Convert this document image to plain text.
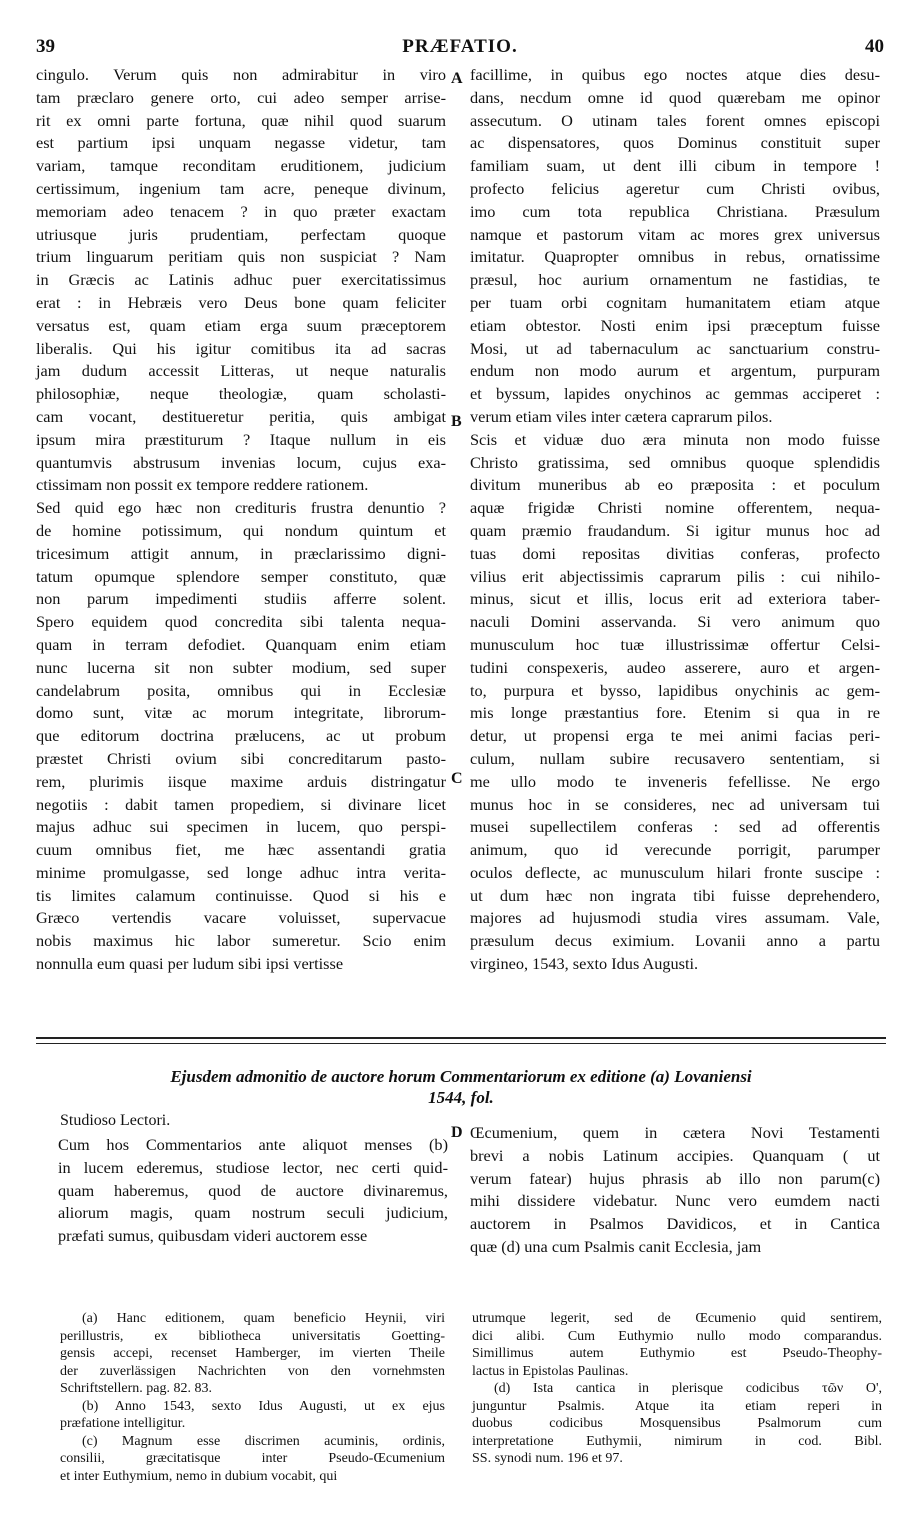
39	PRÆFATIO.	40
cingulo. Verum quis non admirabitur in viro
tam præclaro genere orto, cui adeo semper arrise-
rit ex omni parte fortuna, quæ nihil quod suarum
est partium ipsi unquam negasse videtur, tam
variam, tamque reconditam eruditionem, judicium
certissimum, ingenium tam acre, peneque divinum,
memoriam adeo tenacem ? in quo præter exactam
utriusque juris prudentiam, perfectam quoque
trium linguarum peritiam quis non suspiciat ? Nam
in Græcis ac Latinis adhuc puer exercitatissimus
erat : in Hebræis vero Deus bone quam feliciter
versatus est, quam etiam erga suum præceptorem
liberalis. Qui his igitur comitibus ita ad sacras
jam dudum accessit Litteras, ut neque naturalis
philosophiæ, neque theologiæ, quam scholasti-
cam vocant, destitueretur peritia, quis ambigat
ipsum mira præstiturum ? Itaque nullum in eis
quantumvis abstrusum invenias locum, cujus exa-
ctissimam non possit ex tempore reddere rationem.
Sed quid ego hæc non credituris frustra denuntio ?
de homine potissimum, qui nondum quintum et
tricesimum attigit annum, in præclarissimo digni-
tatum opumque splendore semper constituto, quæ
non parum impedimenti studiis afferre solent.
Spero equidem quod concredita sibi talenta nequa-
quam in terram defodiet. Quanquam enim etiam
nunc lucerna sit non subter modium, sed super
candelabrum posita, omnibus qui in Ecclesiæ
domo sunt, vitæ ac morum integritate, librorum-
que editorum doctrina prælucens, ac ut probum
præstet Christi ovium sibi concreditarum pasto-
rem, plurimis iisque maxime arduis distringatur
negotiis : dabit tamen propediem, si divinare licet
majus adhuc sui specimen in lucem, quo perspi-
cuum omnibus fiet, me hæc assentandi gratia
minime promulgasse, sed longe adhuc intra verita-
tis limites calamum continuisse. Quod si his e
Græco vertendis vacare voluisset, supervacue
nobis maximus hic labor sumeretur. Scio enim
nonnulla eum quasi per ludum sibi ipsi vertisse
facillime, in quibus ego noctes atque dies desu-
dans, necdum omne id quod quærebam me opinor
assecutum. O utinam tales forent omnes episcopi
ac dispensatores, quos Dominus constituit super
familiam suam, ut dent illi cibum in tempore !
profecto felicius ageretur cum Christi ovibus,
imo cum tota republica Christiana. Præsulum
namque et pastorum vitam ac mores grex universus
imitatur. Quapropter omnibus in rebus, ornatissime
præsul, hoc aurium ornamentum ne fastidias, te
per tuam orbi cognitam humanitatem etiam atque
etiam obtestor. Nosti enim ipsi præceptum fuisse
Mosi, ut ad tabernaculum ac sanctuarium constru-
endum non modo aurum et argentum, purpuram
et byssum, lapides onychinos ac gemmas acciperet :
verum etiam viles inter cætera caprarum pilos.
Scis et viduæ duo æra minuta non modo fuisse
Christo gratissima, sed omnibus quoque splendidis
divitum muneribus ab eo præposita : et poculum
aquæ frigidæ Christi nomine offerentem, nequa-
quam præmio fraudandum. Si igitur munus hoc ad
tuas domi repositas divitias conferas, profecto
vilius erit abjectissimis caprarum pilis : cui nihilo-
minus, sicut et illis, locus erit ad exteriora taber-
naculi Domini asservanda. Si vero animum quo
munusculum hoc tuæ illustrissimæ offertur Celsi-
tudini conspexeris, audeo asserere, auro et argen-
to, purpura et bysso, lapidibus onychinis ac gem-
mis longe præstantius fore. Etenim si qua in re
detur, ut propensi erga te mei animi facias peri-
culum, nullam subire recusavero sententiam, si
me ullo modo te inveneris fefellisse. Ne ergo
munus hoc in se consideres, nec ad universam tui
musei supellectilem conferas : sed ad offerentis
animum, quo id verecunde porrigit, parumper
oculos deflecte, ac munusculum hilari fronte suscipe :
ut dum hæc non ingrata tibi fuisse deprehendero,
majores ad hujusmodi studia vires assumam. Vale,
præsulum decus eximium. Lovanii anno a partu
virgineo, 1543, sexto Idus Augusti.
A
B
C
D
Ejusdem admonitio de auctore horum Commentariorum ex editione (a) Lovaniensi
1544, fol.
Studioso Lectori.
Cum hos Commentarios ante aliquot menses (b)
in lucem ederemus, studiose lector, nec certi quid-
quam haberemus, quod de auctore divinaremus,
aliorum magis, quam nostrum seculi judicium,
præfati sumus, quibusdam videri auctorem esse
Œcumenium, quem in cætera Novi Testamenti
brevi a nobis Latinum accipies. Quanquam ( ut
verum fatear) hujus phrasis ab illo non parum(c)
mihi dissidere videbatur. Nunc vero eumdem nacti
auctorem in Psalmos Davidicos, et in Cantica
quæ (d) una cum Psalmis canit Ecclesia, jam
(a) Hanc editionem, quam beneficio Heynii, viri
perillustris, ex bibliotheca universitatis Goetting-
gensis accepi, recenset Hamberger, im vierten Theile
der zuverlässigen Nachrichten von den vornehmsten
Schriftstellern. pag. 82. 83.
(b) Anno 1543, sexto Idus Augusti, ut ex ejus
præfatione intelligitur.
(c) Magnum esse discrimen acuminis, ordinis,
consilii, græcitatisque inter Pseudo-Œcumenium
et inter Euthymium, nemo in dubium vocabit, qui
utrumque legerit, sed de Œcumenio quid sentirem,
dici alibi. Cum Euthymio nullo modo comparandus.
Simillimus autem Euthymio est Pseudo-Theophy-
lactus in Epistolas Paulinas.
(d) Ista cantica in plerisque codicibus τῶν Ο',
junguntur Psalmis. Atque ita etiam reperi in
duobus codicibus Mosquensibus Psalmorum cum
interpretatione Euthymii, nimirum in cod. Bibl.
SS. synodi num. 196 et 97.
